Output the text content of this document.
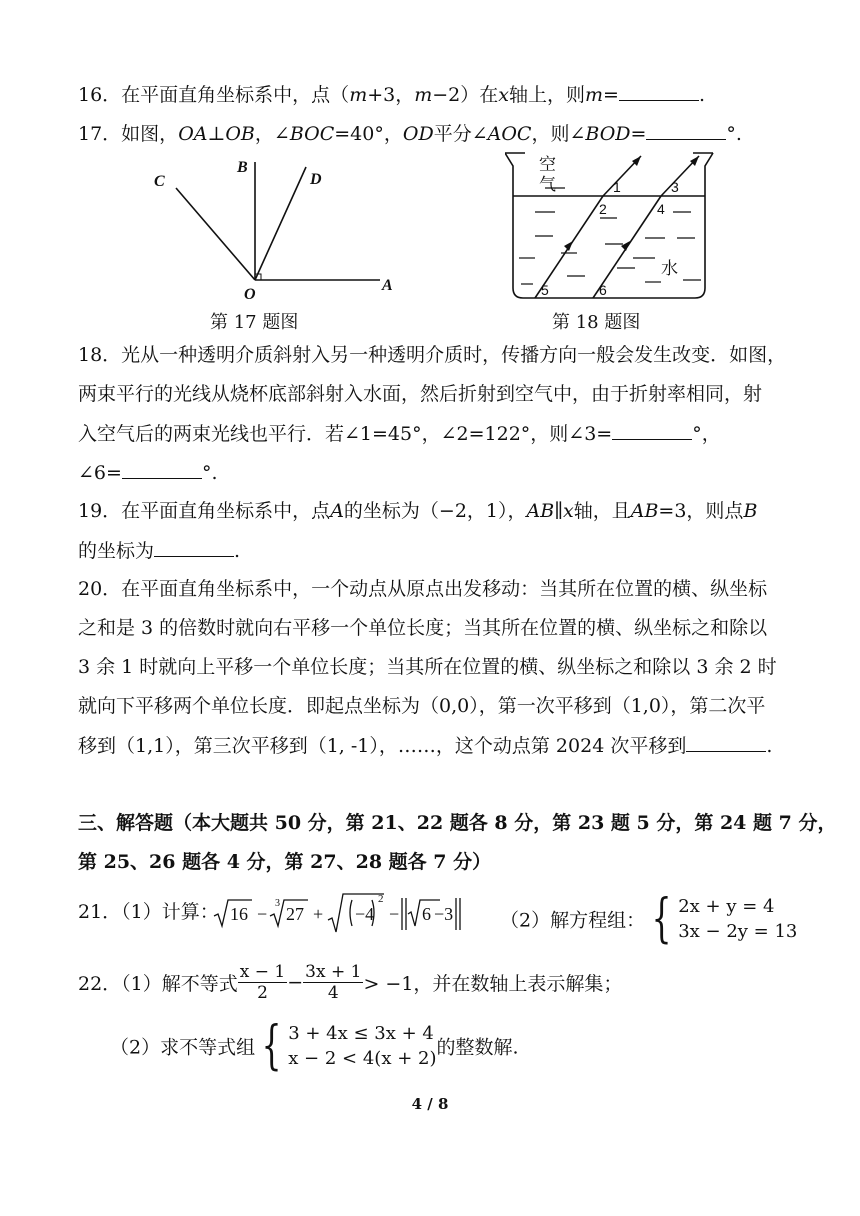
16．在平面直角坐标系中，点（m+3，m−2）在x轴上，则m=	.
17．如图，OA⊥OB，∠BOC=40°，OD平分∠AOC，则∠BOD=	°.
C
B
D
O
A
第 17 题图
空
气
水
1
2
3
4
5	6
第 18 题图
18．光从一种透明介质斜射入另一种透明介质时，传播方向一般会发生改变．如图，
两束平行的光线从烧杯底部斜射入水面，然后折射到空气中，由于折射率相同，射
入空气后的两束光线也平行．若∠1=45°，∠2=122°，则∠3=	°，
∠6=	°.
19．在平面直角坐标系中，点A的坐标为（−2，1），AB∥x轴，且AB=3，则点B
的坐标为	.
20．在平面直角坐标系中，一个动点从原点出发移动：当其所在位置的横、纵坐标
之和是 3 的倍数时就向右平移一个单位长度；当其所在位置的横、纵坐标之和除以
3 余 1 时就向上平移一个单位长度；当其所在位置的横、纵坐标之和除以 3 余 2 时
就向下平移两个单位长度．即起点坐标为（0,0），第一次平移到（1,0），第二次平
移到（1,1），第三次平移到（1, -1），……，这个动点第 2024 次平移到	.
三、解答题（本大题共 50 分，第 21、22 题各 8 分，第 23 题 5 分，第 24 题 7 分，
第 25、26 题各 4 分，第 27、28 题各 7 分）
21．（1）计算： 16 −
3
27 + −4
2
− 6 −3 （2）解方程组： { 2x + y = 4
3x − 2y = 13
22．（1）解不等式 $\frac{x - 1}{2} - \frac{3x + 1}{4} > -1$，并在数轴上表示解集；
（2）求不等式组 { 3 + 4x ≤ 3x + 4
x − 2 < 4(x + 2)的整数解.
4 / 8
